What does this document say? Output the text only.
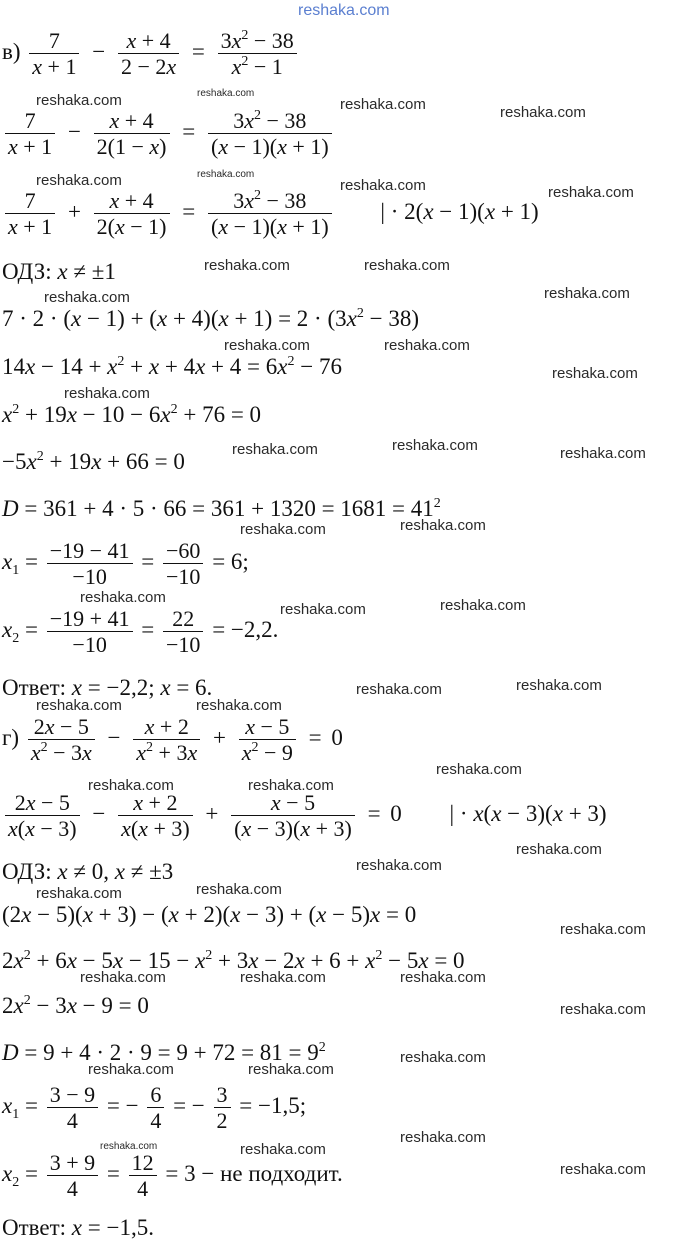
reshaka.com
$в) \frac{7}{x + 1} - \frac{x + 4}{2 - 2x} = \frac{3x^2 - 38}{x^2 - 1}$
$\frac{7}{x + 1} - \frac{x + 4}{2(1 - x)} = \frac{3x^2 - 38}{(x - 1)(x + 1)}$
$\frac{7}{x + 1} + \frac{x + 4}{2(x - 1)} = \frac{3x^2 - 38}{(x - 1)(x + 1)}$ | · 2(x − 1)(x + 1)
ОДЗ: x ≠ ±1
$7 \cdot 2 \cdot (x - 1) + (x + 4)(x + 1) = 2 \cdot (3x^2 - 38)$
$14x - 14 + x^2 + x + 4x + 4 = 6x^2 - 76$
$x^2 + 19x - 10 - 6x^2 + 76 = 0$
$-5x^2 + 19x + 66 = 0$
$D = 361 + 4 \cdot 5 \cdot 66 = 361 + 1320 = 1681 = 41^2$
$x_1 = \frac{-19 - 41}{-10} = \frac{-60}{-10} = 6$;
$x_2 = \frac{-19 + 41}{-10} = \frac{22}{-10} = -2,2$.
Ответ: x = −2,2; x = 6.
$г) \frac{2x - 5}{x^2 - 3x} - \frac{x + 2}{x^2 + 3x} + \frac{x - 5}{x^2 - 9} = 0$
$\frac{2x - 5}{x(x - 3)} - \frac{x + 2}{x(x + 3)} + \frac{x - 5}{(x - 3)(x + 3)} = 0$ | · x(x − 3)(x + 3)
ОДЗ: x ≠ 0, x ≠ ±3
(2x − 5)(x + 3) − (x + 2)(x − 3) + (x − 5)x = 0
$2x^2 + 6x - 5x - 15 - x^2 + 3x - 2x + 6 + x^2 - 5x = 0$
$2x^2 - 3x - 9 = 0$
$D = 9 + 4 \cdot 2 \cdot 9 = 9 + 72 = 81 = 9^2$
$x_1 = \frac{3 - 9}{4}$ = − $\frac{6}{4}$ = − $\frac{3}{2} = -1,5$;
$x_2 = \frac{3 + 9}{4} = \frac{12}{4} = 3$ − не подходит.
Ответ: x = −1,5.
reshaka.com	reshaka.com
reshaka.com	reshaka.com
reshaka.com	reshaka.com
reshaka.com	reshaka.com
reshaka.com	reshaka.com
reshaka.com	reshaka.com
reshaka.com	reshaka.com
reshaka.com
reshaka.com
reshaka.com	reshaka.com	reshaka.com
reshaka.com	reshaka.com
reshaka.com
reshaka.com	reshaka.com
reshaka.com	reshaka.com
reshaka.com	reshaka.com
reshaka.com
reshaka.com	reshaka.com
reshaka.com
reshaka.com
reshaka.com	reshaka.com
reshaka.com
reshaka.com	reshaka.com	reshaka.com
reshaka.com
reshaka.com
reshaka.com	reshaka.com
reshaka.com
reshaka.com	reshaka.com
reshaka.com
